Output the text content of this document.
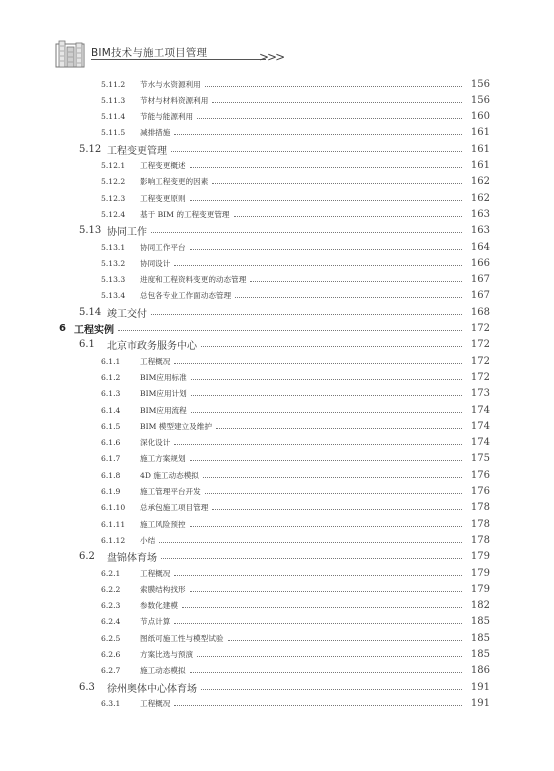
BIM技术与施工项目管理	>>>
5.11.2	节水与水资源利用	156
5.11.3	节材与材料资源利用	156
5.11.4	节能与能源利用	160
5.11.5	减排措施	161
5.12 工程变更管理	161
5.12.1	工程变更概述	161
5.12.2	影响工程变更的因素	162
5.12.3	工程变更原则	162
5.12.4	基于 BIM 的工程变更管理	163
5.13 协同工作	163
5.13.1	协同工作平台	164
5.13.2	协同设计	166
5.13.3	进度和工程资料变更的动态管理	167
5.13.4	总包各专业工作面动态管理	167
5.14 竣工交付	168
6 工程实例	172
6.1	北京市政务服务中心	172
6.1.1	工程概况	172
6.1.2	BIM应用标准	172
6.1.3	BIM应用计划	173
6.1.4	BIM应用流程	174
6.1.5	BIM 模型建立及维护	174
6.1.6	深化设计	174
6.1.7	施工方案规划	175
6.1.8	4D 施工动态模拟	176
6.1.9	施工管理平台开发	176
6.1.10	总承包施工项目管理	178
6.1.11	施工风险预控	178
6.1.12	小结	178
6.2	盘锦体育场	179
6.2.1	工程概况	179
6.2.2	索膜结构找形	179
6.2.3	参数化建模	182
6.2.4	节点计算	185
6.2.5	图纸可施工性与模型试验	185
6.2.6	方案比选与预演	185
6.2.7	施工动态模拟	186
6.3	徐州奥体中心体育场	191
6.3.1	工程概况	191
